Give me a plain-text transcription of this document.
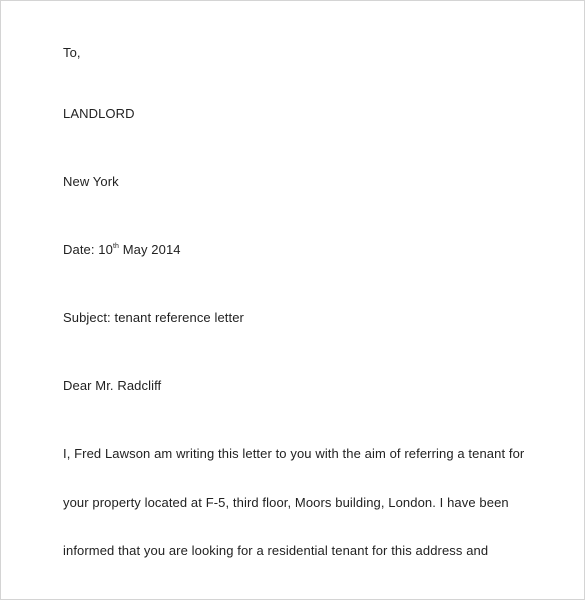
To,
LANDLORD
New York
Date: 10th May 2014
Subject: tenant reference letter
Dear Mr. Radcliff
I, Fred Lawson am writing this letter to you with the aim of referring a tenant for
your property located at F-5, third floor, Moors building, London. I have been
informed that you are looking for a residential tenant for this address and
